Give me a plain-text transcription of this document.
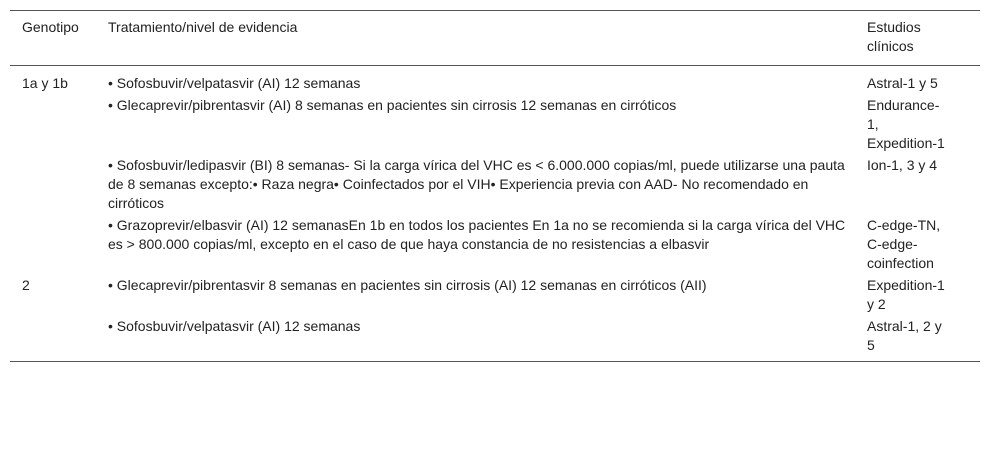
Genotipo	Tratamiento/nivel de evidencia	Estudios clínicos
1a y 1b	• Sofosbuvir/velpatasvir (AI) 12 semanas	Astral-1 y 5
	• Glecaprevir/pibrentasvir (AI) 8 semanas en pacientes sin cirrosis 12 semanas en cirróticos	Endurance-1, Expedition-1
	• Sofosbuvir/ledipasvir (BI) 8 semanas- Si la carga vírica del VHC es < 6.000.000 copias/ml, puede utilizarse una pauta de 8 semanas excepto:• Raza negra• Coinfectados por el VIH• Experiencia previa con AAD- No recomendado en cirróticos	Ion-1, 3 y 4
	• Grazoprevir/elbasvir (AI) 12 semanasEn 1b en todos los pacientes En 1a no se recomienda si la carga vírica del VHC es > 800.000 copias/ml, excepto en el caso de que haya constancia de no resistencias a elbasvir	C-edge-TN, C-edge-coinfection
2	• Glecaprevir/pibrentasvir 8 semanas en pacientes sin cirrosis (AI) 12 semanas en cirróticos (AII)	Expedition-1 y 2
	• Sofosbuvir/velpatasvir (AI) 12 semanas	Astral-1, 2 y 5
